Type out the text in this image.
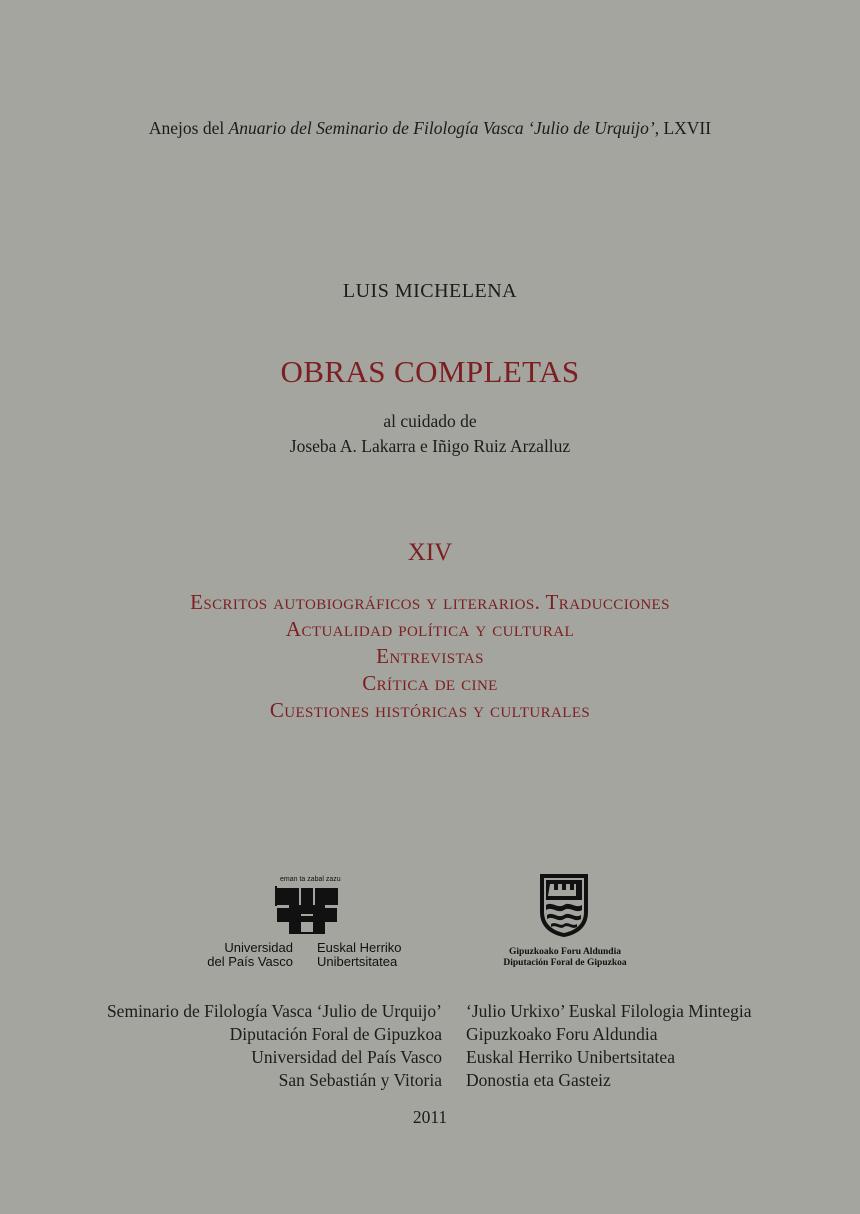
Anejos del Anuario del Seminario de Filología Vasca ‘Julio de Urquijo’, LXVII
LUIS MICHELENA
OBRAS COMPLETAS
al cuidado de
Joseba A. Lakarra e Iñigo Ruiz Arzalluz
XIV
Escritos autobiográficos y literarios. Traducciones
Actualidad política y cultural
Entrevistas
Crítica de cine
Cuestiones históricas y culturales
eman ta zabal zazu
Universidad
del País Vasco
Euskal Herriko
Unibertsitatea
Gipuzkoako Foru Aldundia
Diputación Foral de Gipuzkoa
Seminario de Filología Vasca ‘Julio de Urquijo’
Diputación Foral de Gipuzkoa
Universidad del País Vasco
San Sebastián y Vitoria
‘Julio Urkixo’ Euskal Filologia Mintegia
Gipuzkoako Foru Aldundia
Euskal Herriko Unibertsitatea
Donostia eta Gasteiz
2011
